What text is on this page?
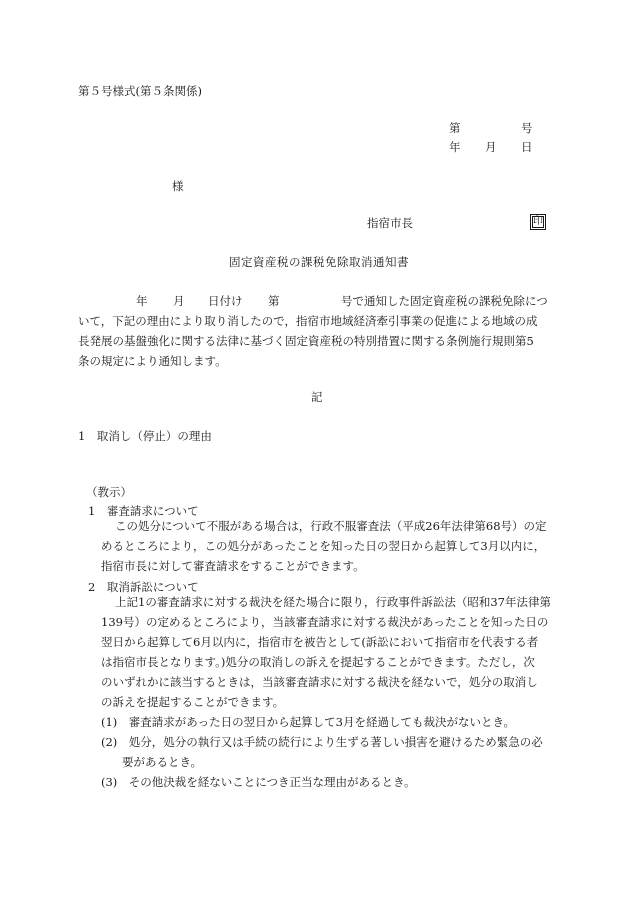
第５号様式(第５条関係)
第	号
年 月 日
様
指宿市長	印
固定資産税の課税免除取消通知書
年 月 日付け 第	号で通知した固定資産税の課税免除につ
いて，下記の理由により取り消したので，指宿市地域経済牽引事業の促進による地域の成
長発展の基盤強化に関する法律に基づく固定資産税の特別措置に関する条例施行規則第5
条の規定により通知します。
記
1　取消し（停止）の理由
（教示）
1　審査請求について
この処分について不服がある場合は，行政不服審査法（平成26年法律第68号）の定
めるところにより，この処分があったことを知った日の翌日から起算して3月以内に，
指宿市長に対して審査請求をすることができます。
2　取消訴訟について
上記1の審査請求に対する裁決を経た場合に限り，行政事件訴訟法（昭和37年法律第
139号）の定めるところにより，当該審査請求に対する裁決があったことを知った日の
翌日から起算して6月以内に，指宿市を被告として(訴訟において指宿市を代表する者
は指宿市長となります。)処分の取消しの訴えを提起することができます。ただし，次
のいずれかに該当するときは，当該審査請求に対する裁決を経ないで，処分の取消し
の訴えを提起することができます。
(1)　審査請求があった日の翌日から起算して3月を経過しても裁決がないとき。
(2)　処分，処分の執行又は手続の続行により生ずる著しい損害を避けるため緊急の必
要があるとき。
(3)　その他決裁を経ないことにつき正当な理由があるとき。
